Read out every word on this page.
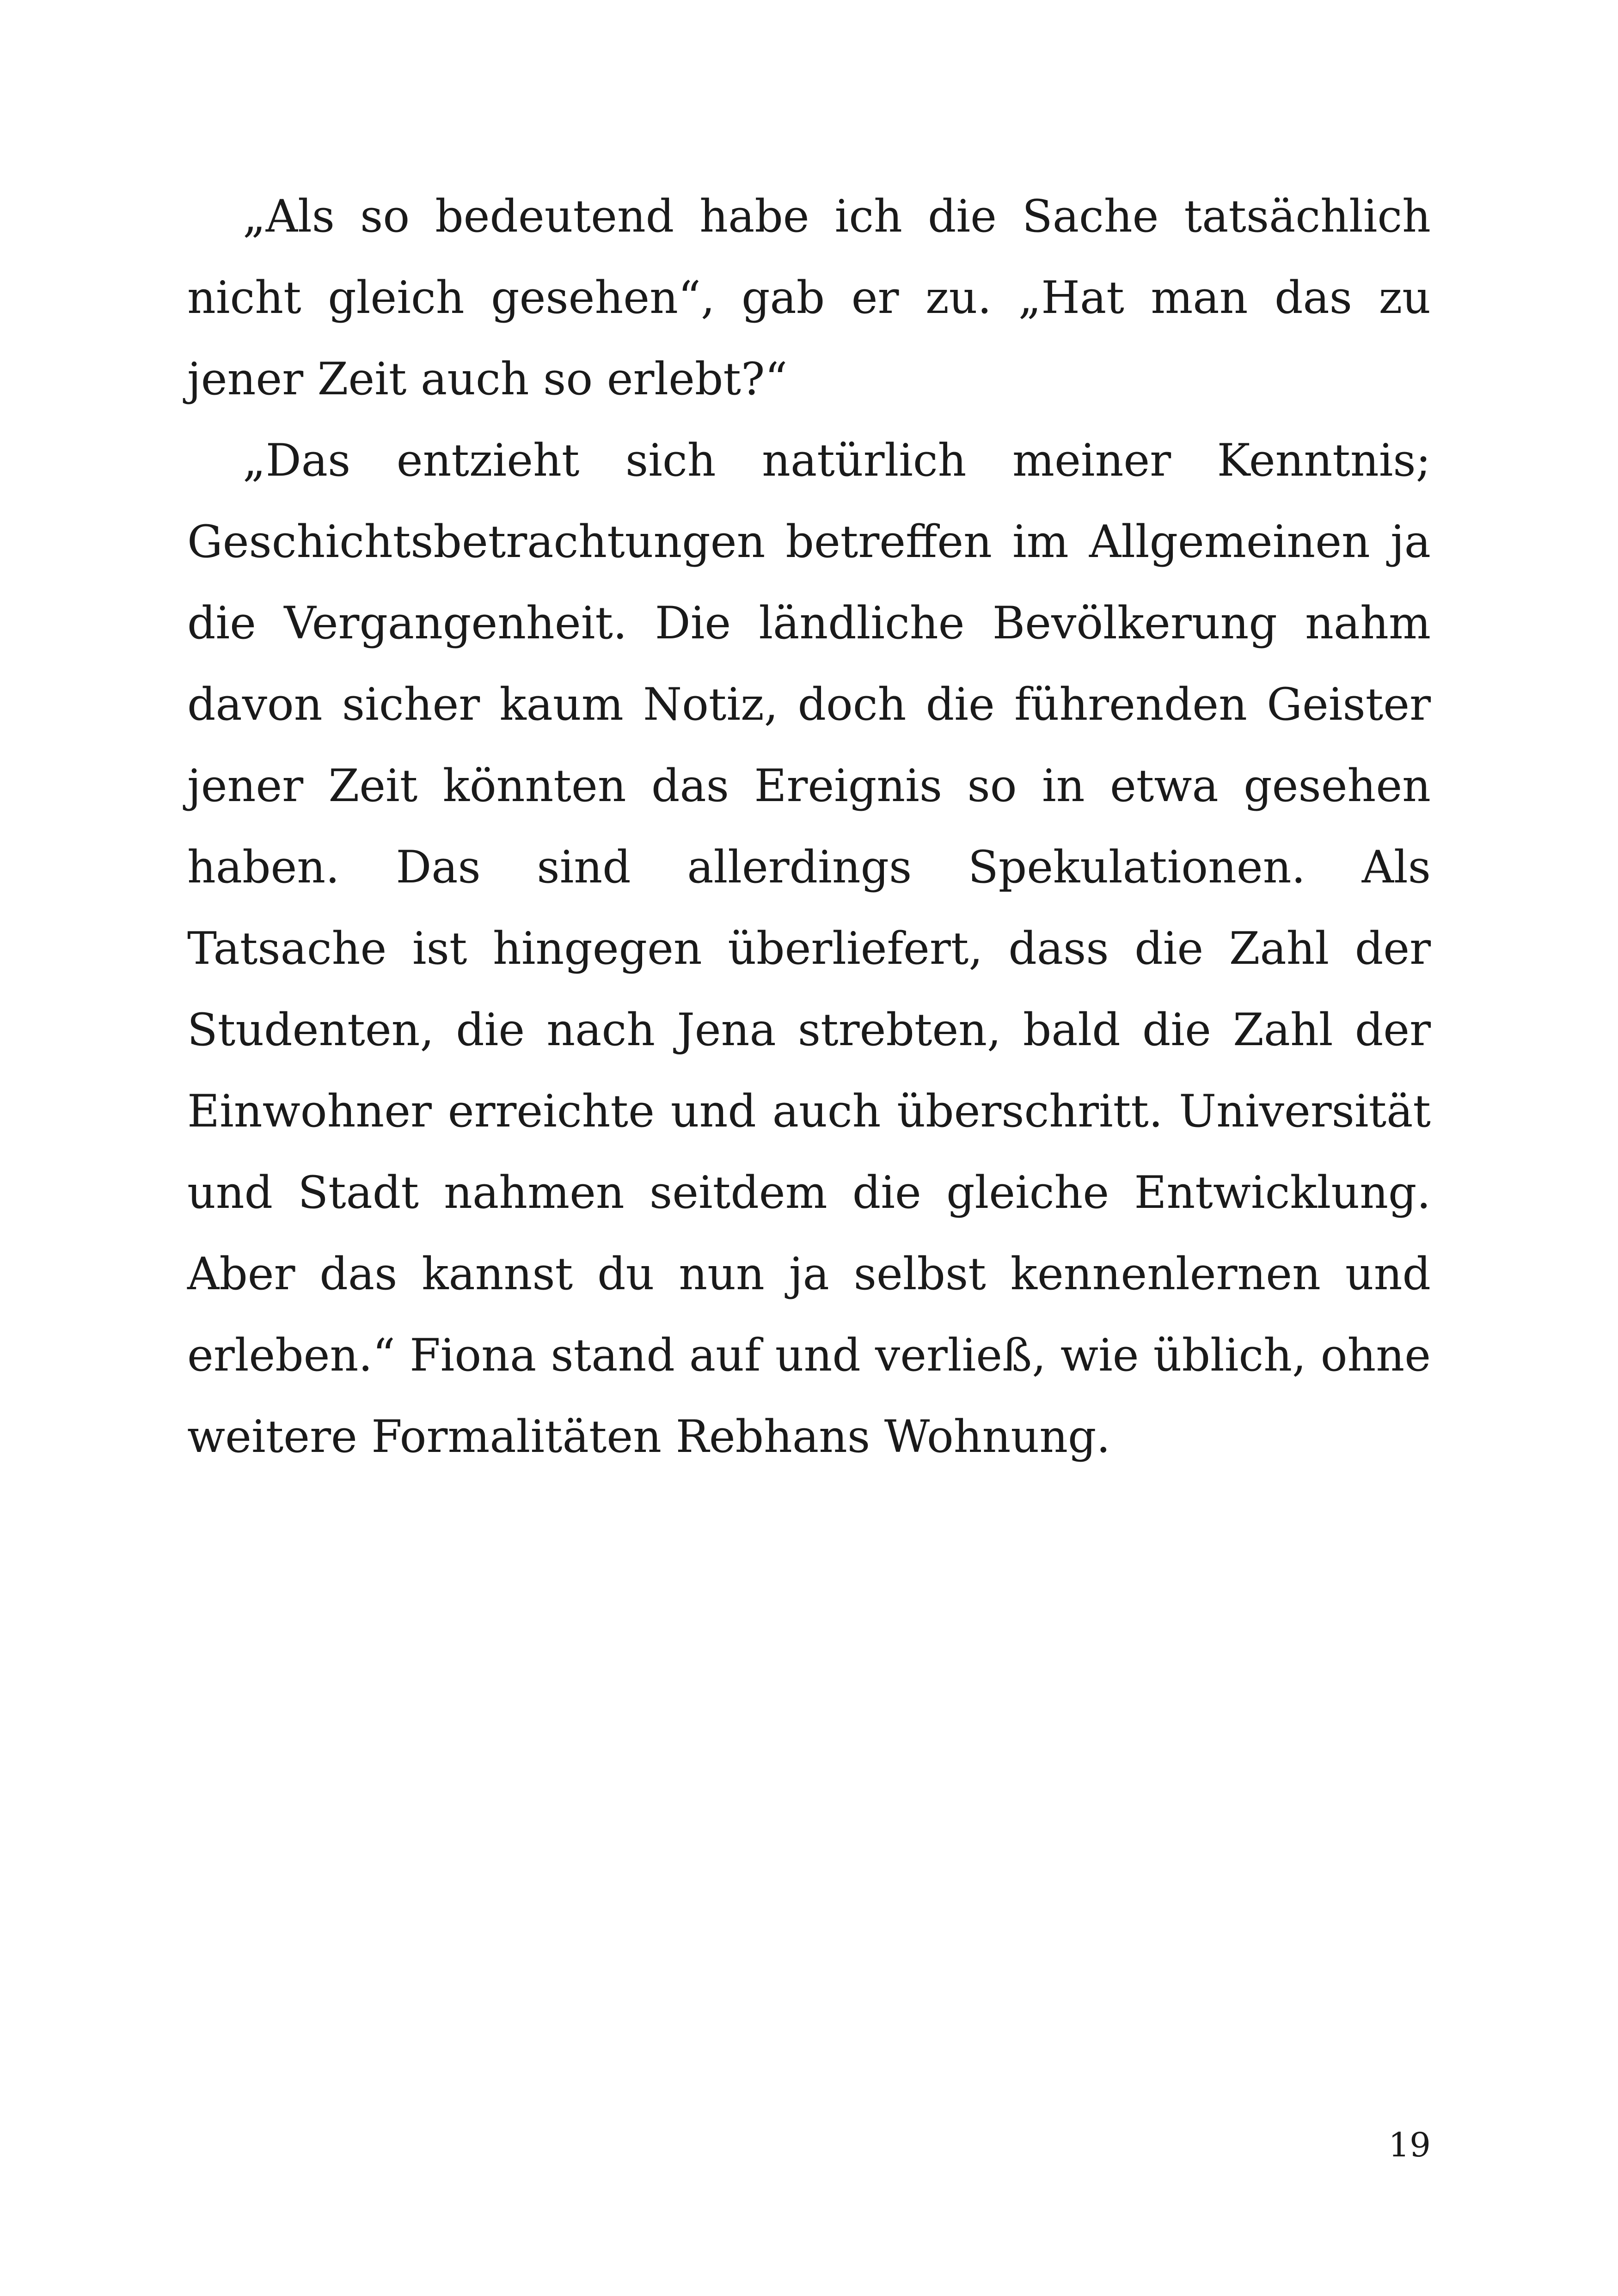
„Als so bedeutend habe ich die Sache tatsächlich nicht gleich gesehen“, gab er zu. „Hat man das zu jener Zeit auch so erlebt?“

„Das entzieht sich natürlich meiner Kenntnis; Geschichtsbetrachtungen betreffen im Allgemeinen ja die Vergangenheit. Die ländliche Bevölkerung nahm davon sicher kaum Notiz, doch die führenden Geister jener Zeit könnten das Ereignis so in etwa gesehen haben. Das sind allerdings Spekulationen. Als Tatsache ist hingegen überliefert, dass die Zahl der Studenten, die nach Jena strebten, bald die Zahl der Einwohner erreichte und auch überschritt. Universität und Stadt nahmen seitdem die gleiche Entwicklung. Aber das kannst du nun ja selbst kennenlernen und erleben.“ Fiona stand auf und verließ, wie üblich, ohne weitere Formalitäten Rebhans Wohnung.

19
